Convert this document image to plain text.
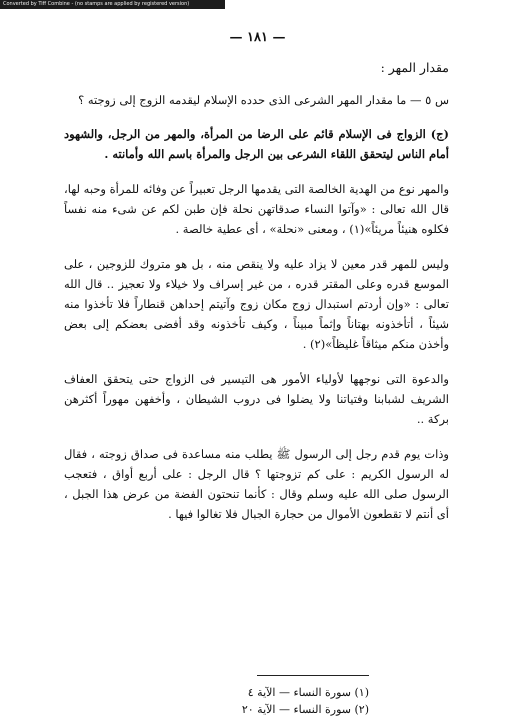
Converted by Tiff Combine - (no stamps are applied by registered version)
— ١٨١ —

مقدار المهر :

س ٥ — ما مقدار المهر الشرعى الذى حدده الإسلام ليقدمه الزوج إلى زوجته ؟

(ج) الزواج فى الإسلام قائم على الرضا من المرأة، والمهر من الرجل، والشهود أمام الناس ليتحقق اللقاء الشرعى بين الرجل والمرأة باسم الله وأمانته .

والمهر نوع من الهدية الخالصة التى يقدمها الرجل تعبيراً عن وفائه للمرأة وحبه لها، قال الله تعالى : «وآتوا النساء صدقاتهن نحلة فإن طبن لكم عن شىء منه نفساً فكلوه هنيئاً مريئاً»(١) ، ومعنى «نحلة» ، أى عطية خالصة .

وليس للمهر قدر معين لا يزاد عليه ولا ينقص منه ، بل هو متروك للزوجين ، على الموسع قدره وعلى المقتر قدره ، من غير إسراف ولا خيلاء ولا تعجيز .. قال الله تعالى : «وإن أردتم استبدال زوج مكان زوج وآتيتم إحداهن قنطاراً فلا تأخذوا منه شيئاً ، أتأخذونه بهتاناً وإثماً مبيناً ، وكيف تأخذونه وقد أفضى بعضكم إلى بعض وأخذن منكم ميثاقاً غليظاً»(٢) .

والدعوة التى نوجهها لأولياء الأمور هى التيسير فى الزواج حتى يتحقق العفاف الشريف لشبابنا وفتياتنا ولا يضلوا فى دروب الشيطان ، وأخفهن مهوراً أكثرهن بركة ..

وذات يوم قدم رجل إلى الرسول ﷺ يطلب منه مساعدة فى صداق زوجته ، فقال له الرسول الكريم : على كم تزوجتها ؟ قال الرجل : على أربع أواق ، فتعجب الرسول صلى الله عليه وسلم وقال : كأنما تنحتون الفضة من عرض هذا الجبل ، أى أنتم لا تقطعون الأموال من حجارة الجبال فلا تغالوا فيها .

(١) سورة النساء — الآية ٤
(٢) سورة النساء — الآية ٢٠
